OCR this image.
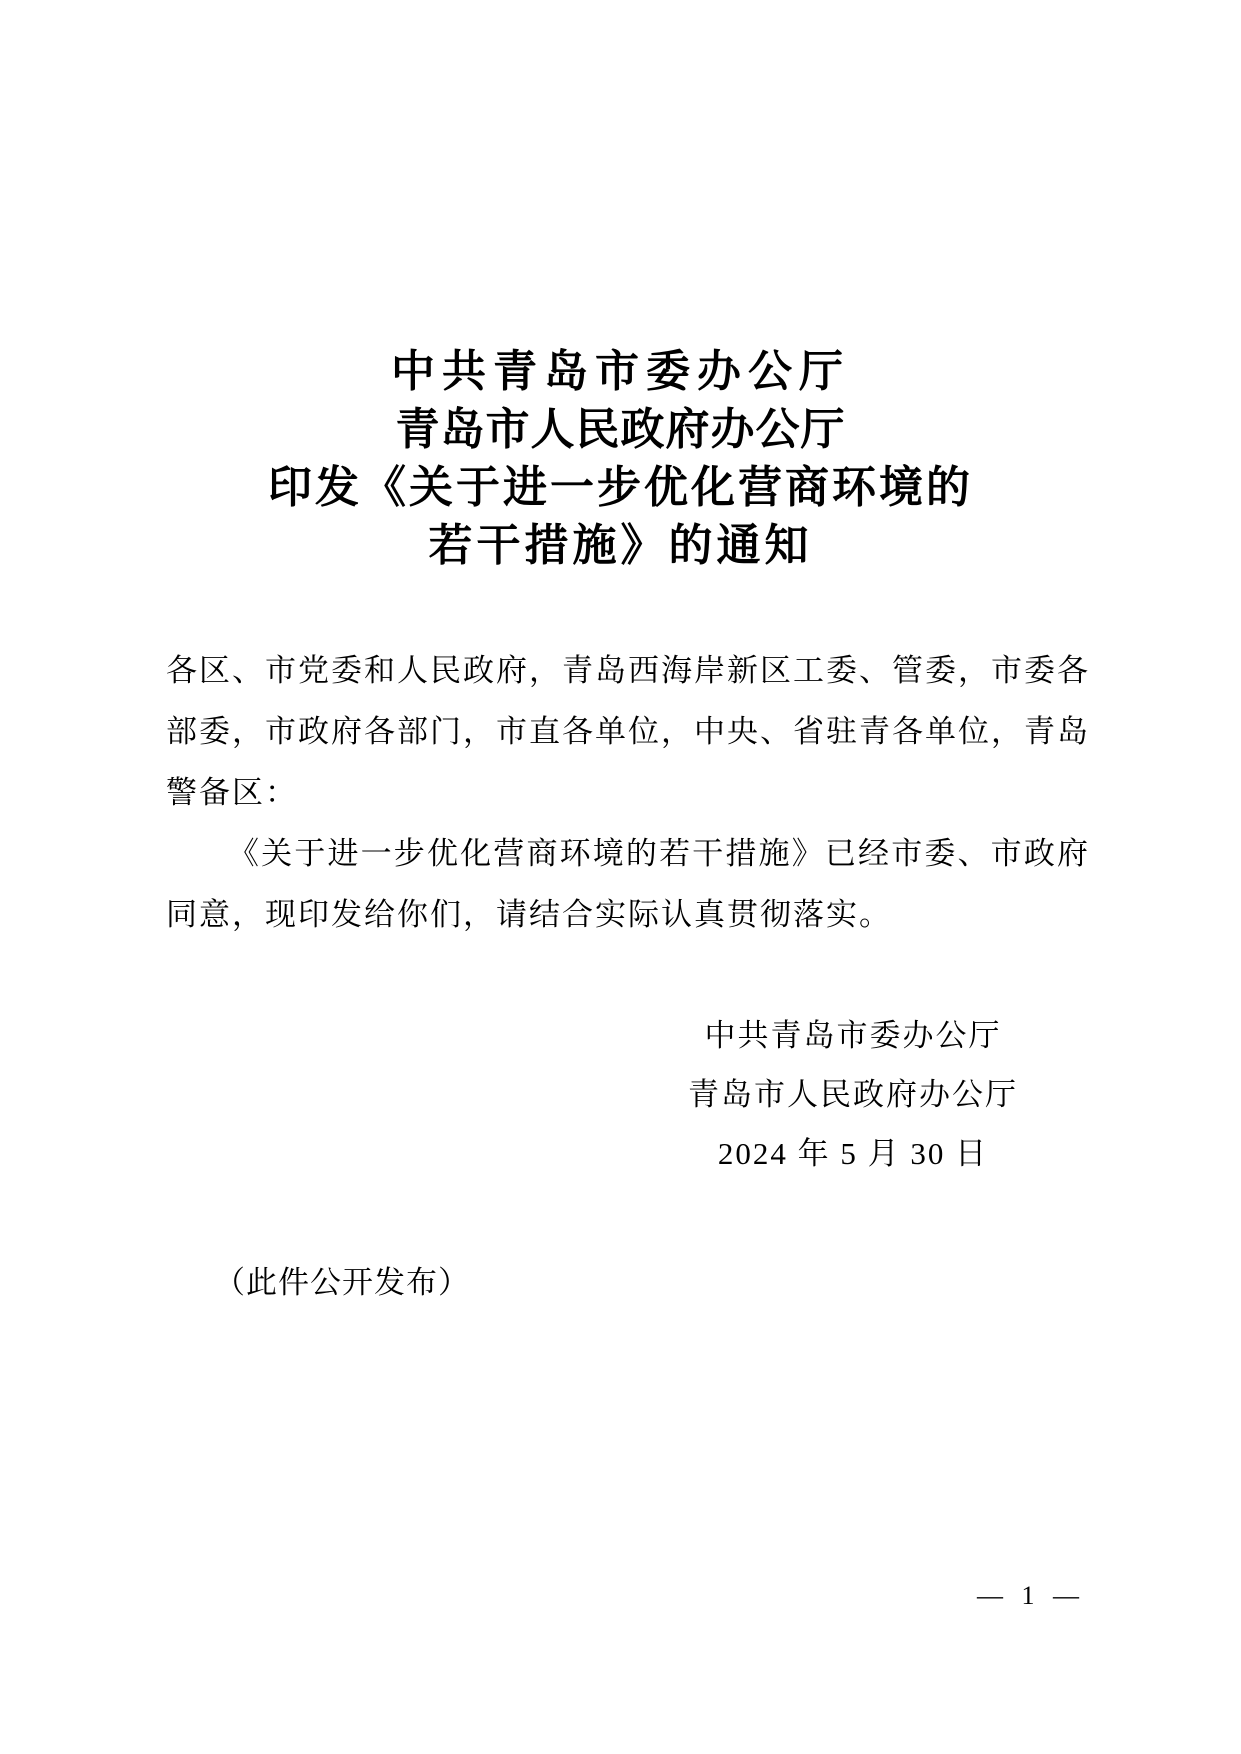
中共青岛市委办公厅
青岛市人民政府办公厅
印发《关于进一步优化营商环境的
若干措施》的通知
各区、市党委和人民政府，青岛西海岸新区工委、管委，市委各
部委，市政府各部门，市直各单位，中央、省驻青各单位，青岛
警备区：
《关于进一步优化营商环境的若干措施》已经市委、市政府
同意，现印发给你们，请结合实际认真贯彻落实。
中共青岛市委办公厅
青岛市人民政府办公厅
2024 年 5 月 30 日
（此件公开发布）
— 1 —
